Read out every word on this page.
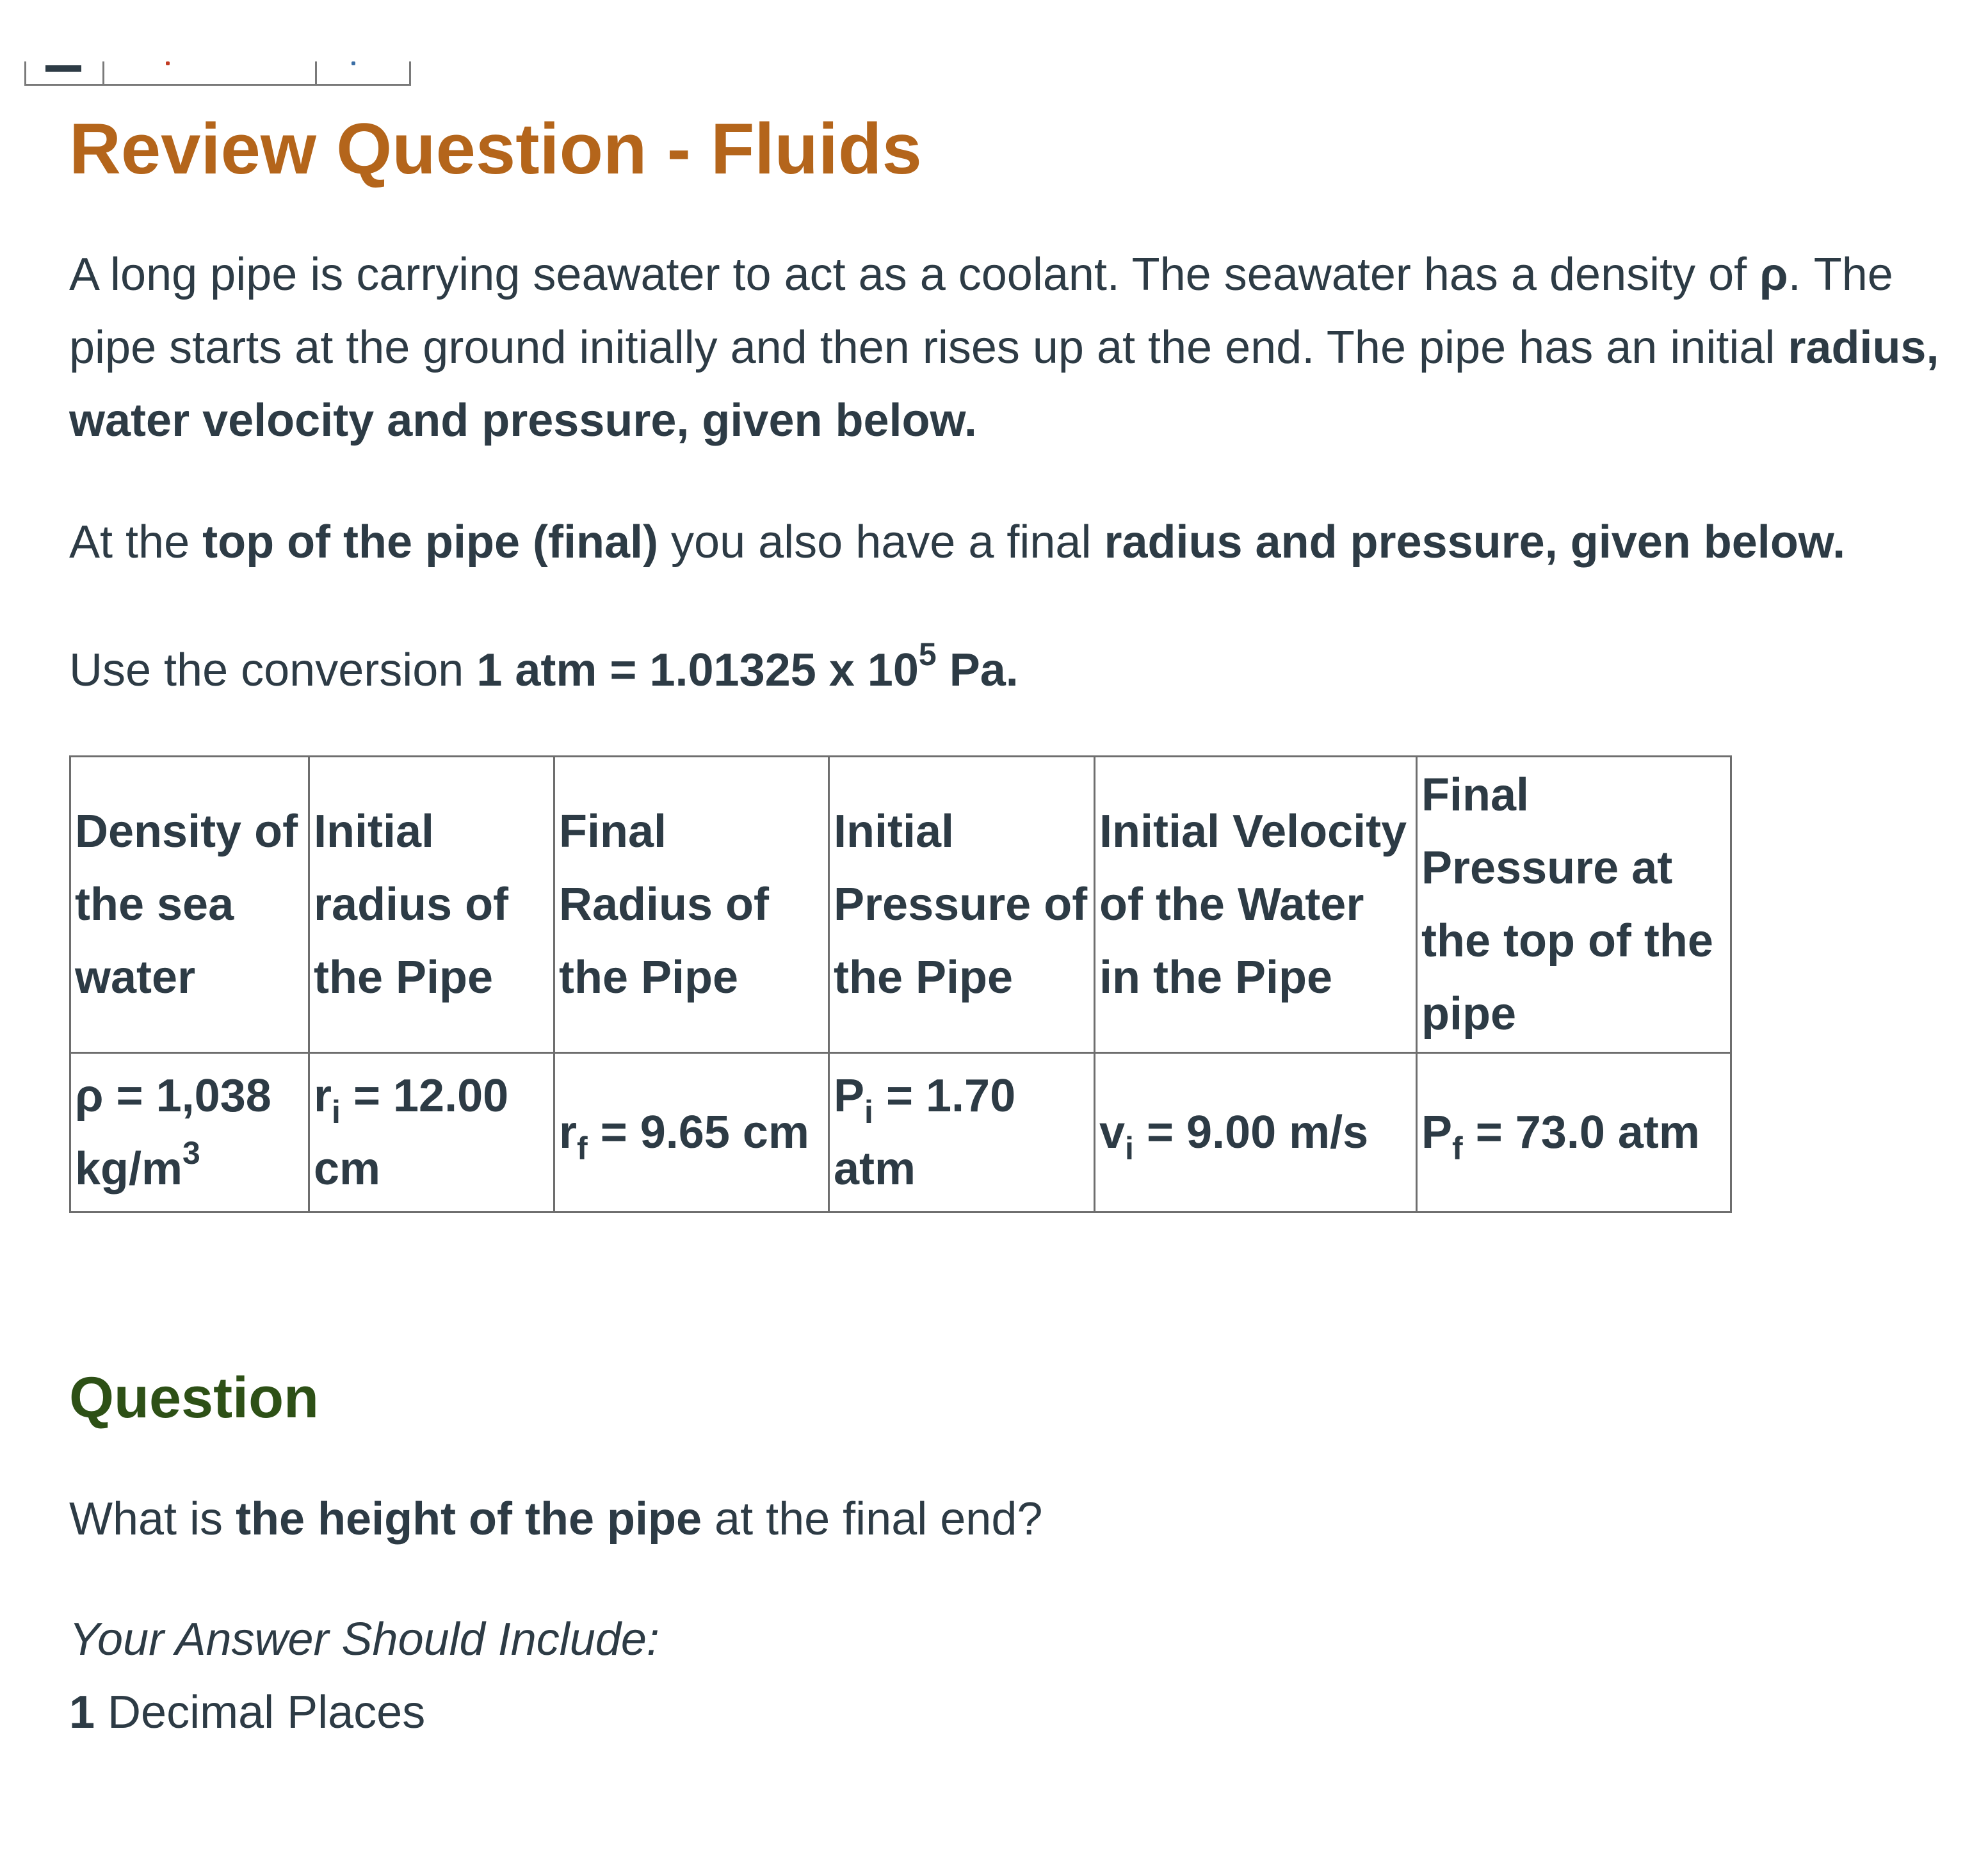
Review Question - Fluids

A long pipe is carrying seawater to act as a coolant. The seawater has a density of ρ. The pipe starts at the ground initially and then rises up at the end. The pipe has an initial radius, water velocity and pressure, given below.

At the top of the pipe (final) you also have a final radius and pressure, given below.

Use the conversion 1 atm = 1.01325 x $10^5$ Pa.

Density of the sea water	Initial radius of the Pipe	Final Radius of the Pipe	Initial Pressure of the Pipe	Initial Velocity of the Water in the Pipe	Final Pressure at the top of the pipe
ρ = 1,038 $kg/m^3$	$r_i = 12.00$ cm	$r_f = 9.65$ cm	$P_i = 1.70$ atm	$v_i = 9.00$ m/s	$P_f = 73.0$ atm
Question

What is the height of the pipe at the final end?

Your Answer Should Include:

1 Decimal Places
